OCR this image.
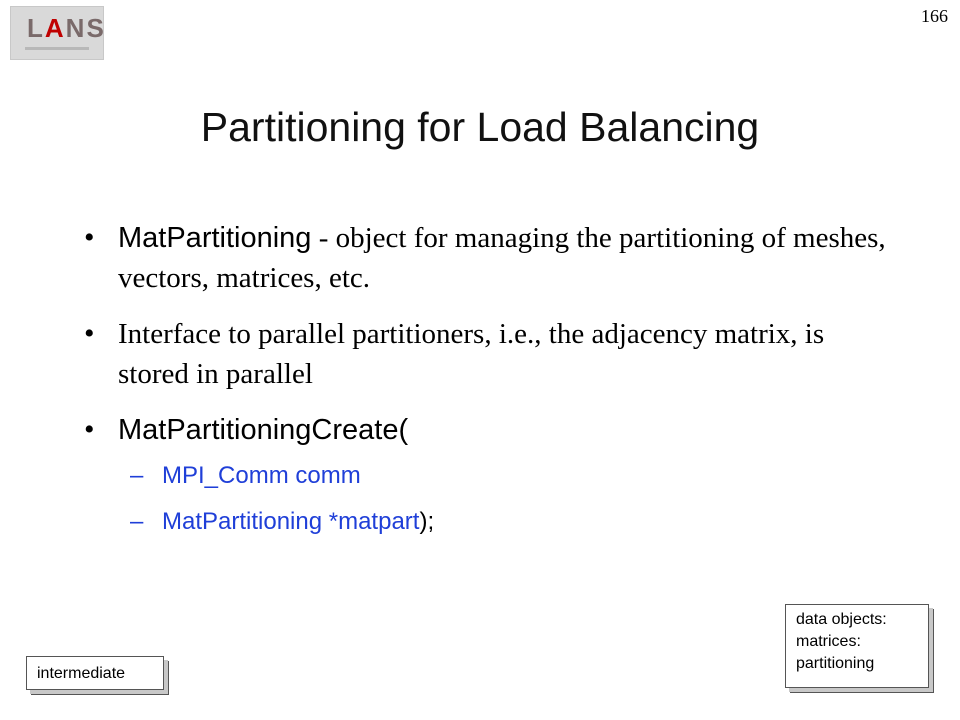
LANS	166
Partitioning for Load Balancing
• MatPartitioning - object for managing the partitioning of meshes, vectors, matrices, etc.
• Interface to parallel partitioners, i.e., the adjacency matrix, is stored in parallel
• MatPartitioningCreate(
– MPI_Comm comm
– MatPartitioning *matpart);
intermediate
data objects:
matrices:
partitioning
